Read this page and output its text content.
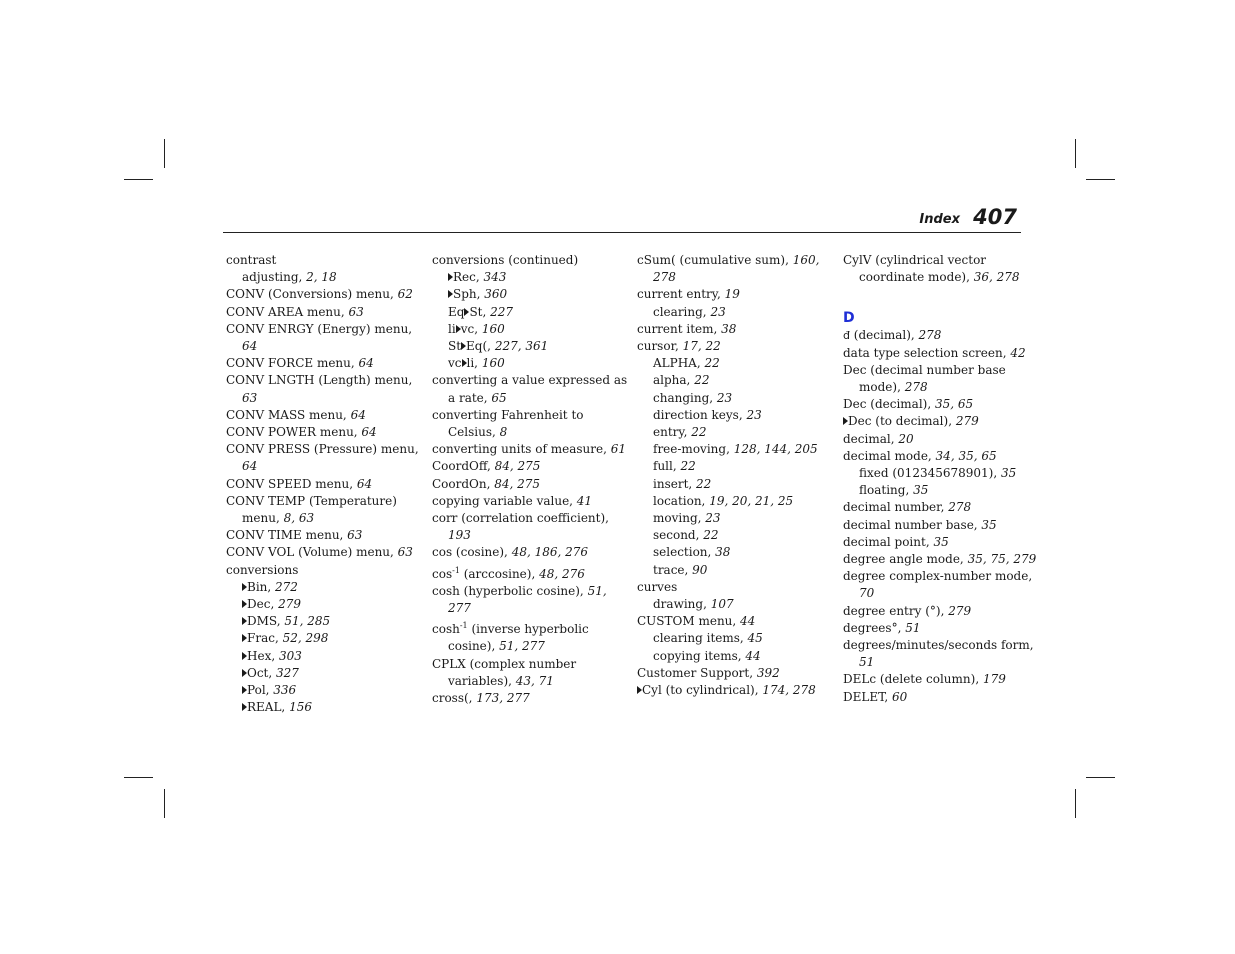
Index 407
contrast
adjusting, 2, 18
CONV (Conversions) menu, 62
CONV AREA menu, 63
CONV ENRGY (Energy) menu,
64
CONV FORCE menu, 64
CONV LNGTH (Length) menu,
63
CONV MASS menu, 64
CONV POWER menu, 64
CONV PRESS (Pressure) menu,
64
CONV SPEED menu, 64
CONV TEMP (Temperature)
menu, 8, 63
CONV TIME menu, 63
CONV VOL (Volume) menu, 63
conversions
Bin, 272
Dec, 279
DMS, 51, 285
Frac, 52, 298
Hex, 303
Oct, 327
Pol, 336
REAL, 156
conversions (continued)
Rec, 343
Sph, 360
Eq St, 227
li vc, 160
St Eq(, 227, 361
vc li, 160
converting a value expressed as
a rate, 65
converting Fahrenheit to
Celsius, 8
converting units of measure, 61
CoordOff, 84, 275
CoordOn, 84, 275
copying variable value, 41
corr (correlation coefficient),
193
cos (cosine), 48, 186, 276
$\cos^{-1}$ (arccosine), 48, 276
cosh (hyperbolic cosine), 51,
277
$\cosh^{-1}$ (inverse hyperbolic
cosine), 51, 277
CPLX (complex number
variables), 43, 71
cross(, 173, 277
cSum( (cumulative sum), 160,
278
current entry, 19
clearing, 23
current item, 38
cursor, 17, 22
ALPHA, 22
alpha, 22
changing, 23
direction keys, 23
entry, 22
free-moving, 128, 144, 205
full, 22
insert, 22
location, 19, 20, 21, 25
moving, 23
second, 22
selection, 38
trace, 90
curves
drawing, 107
CUSTOM menu, 44
clearing items, 45
copying items, 44
Customer Support, 392
Cyl (to cylindrical), 174, 278
CylV (cylindrical vector
coordinate mode), 36, 278
D
đ (decimal), 278
data type selection screen, 42
Dec (decimal number base
mode), 278
Dec (decimal), 35, 65
Dec (to decimal), 279
decimal, 20
decimal mode, 34, 35, 65
fixed (012345678901), 35
floating, 35
decimal number, 278
decimal number base, 35
decimal point, 35
degree angle mode, 35, 75, 279
degree complex-number mode,
70
degree entry (°), 279
degrees°, 51
degrees/minutes/seconds form,
51
DELc (delete column), 179
DELET, 60
